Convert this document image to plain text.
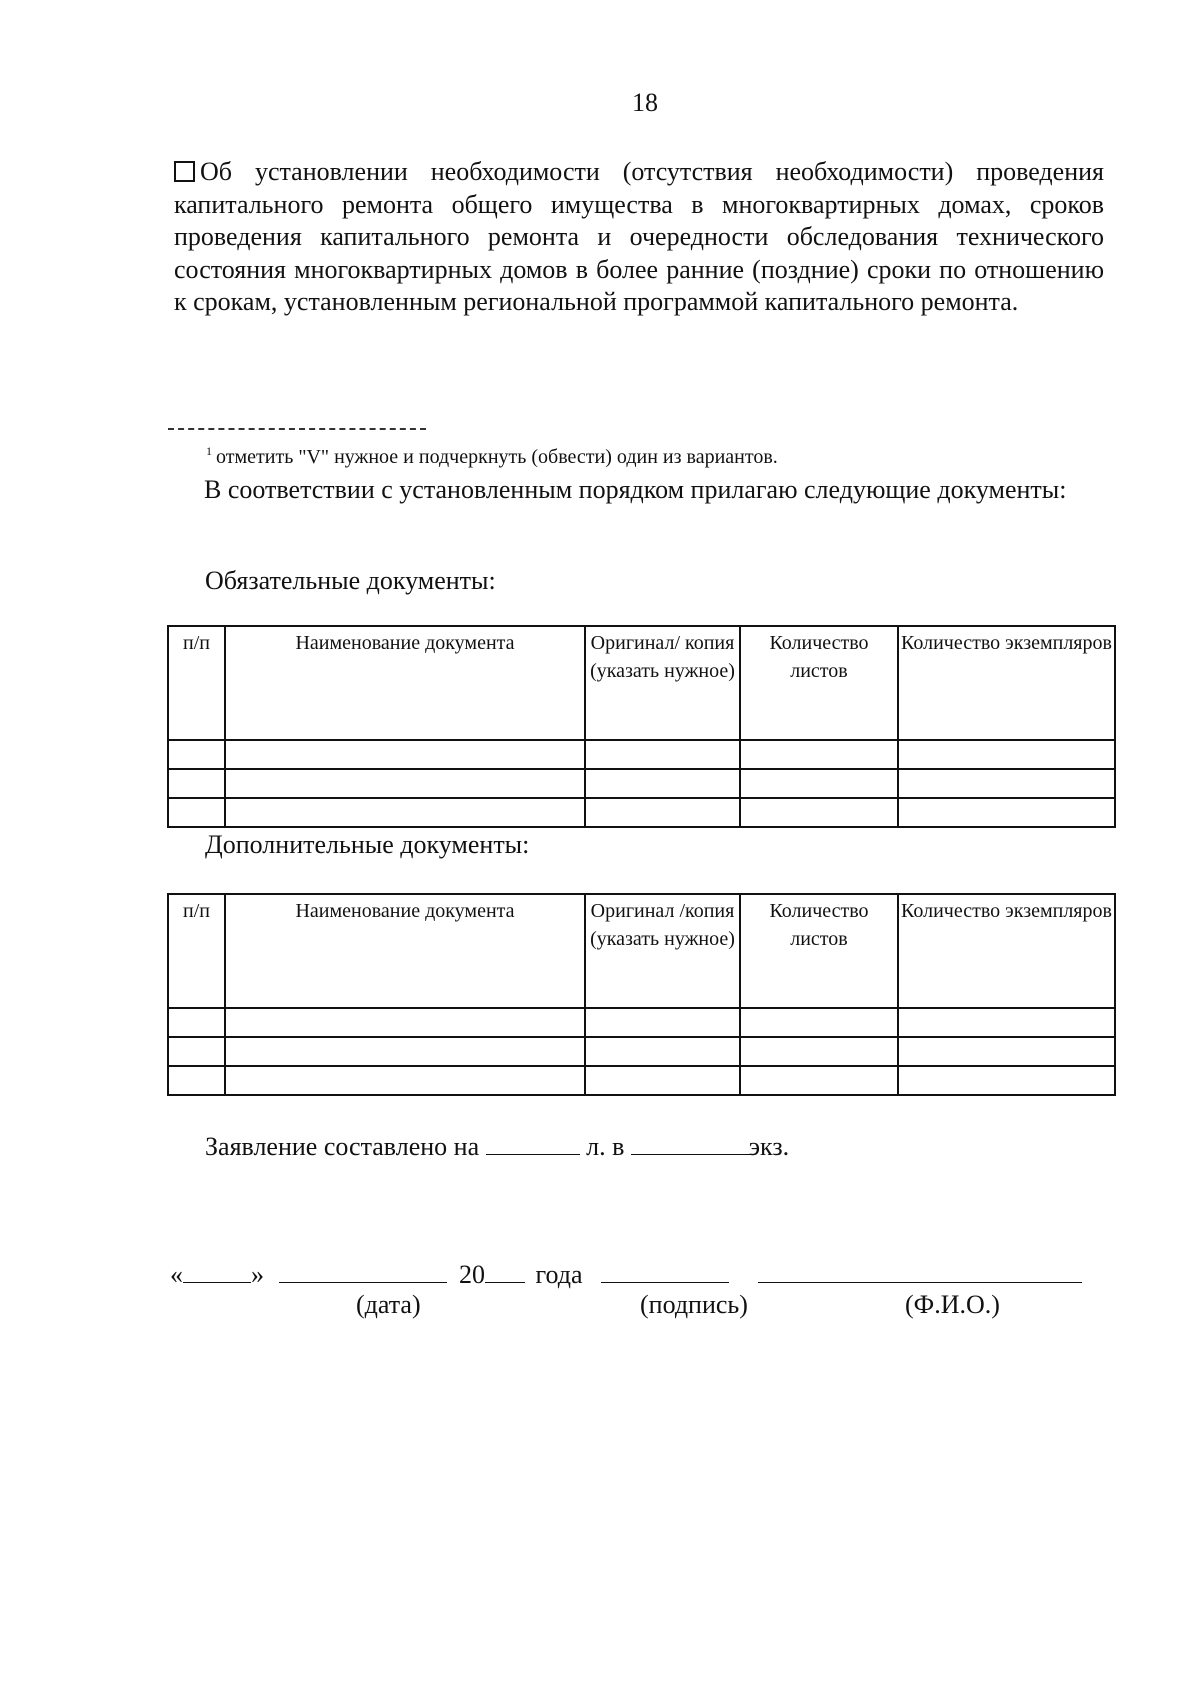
18
Об установлении необходимости (отсутствия необходимости) проведения капитального ремонта общего имущества в многоквартирных домах, сроков проведения капитального ремонта и очередности обследования технического состояния многоквартирных домов в более ранние (поздние) сроки по отношению к срокам, установленным региональной программой капитального ремонта.
$^1$ отметить "V" нужное и подчеркнуть (обвести) один из вариантов.
В соответствии с установленным порядком прилагаю следующие документы:
Обязательные документы:
п/п	Наименование документа	Оригинал/ копия (указать нужное)	Количество листов	Количество экземпляров

Дополнительные документы:
п/п	Наименование документа	Оригинал /копия (указать нужное)	Количество листов	Количество экземпляров

Заявление составлено на	л. в	экз.
«	»	20 года
(дата)	(подпись)	(Ф.И.О.)
